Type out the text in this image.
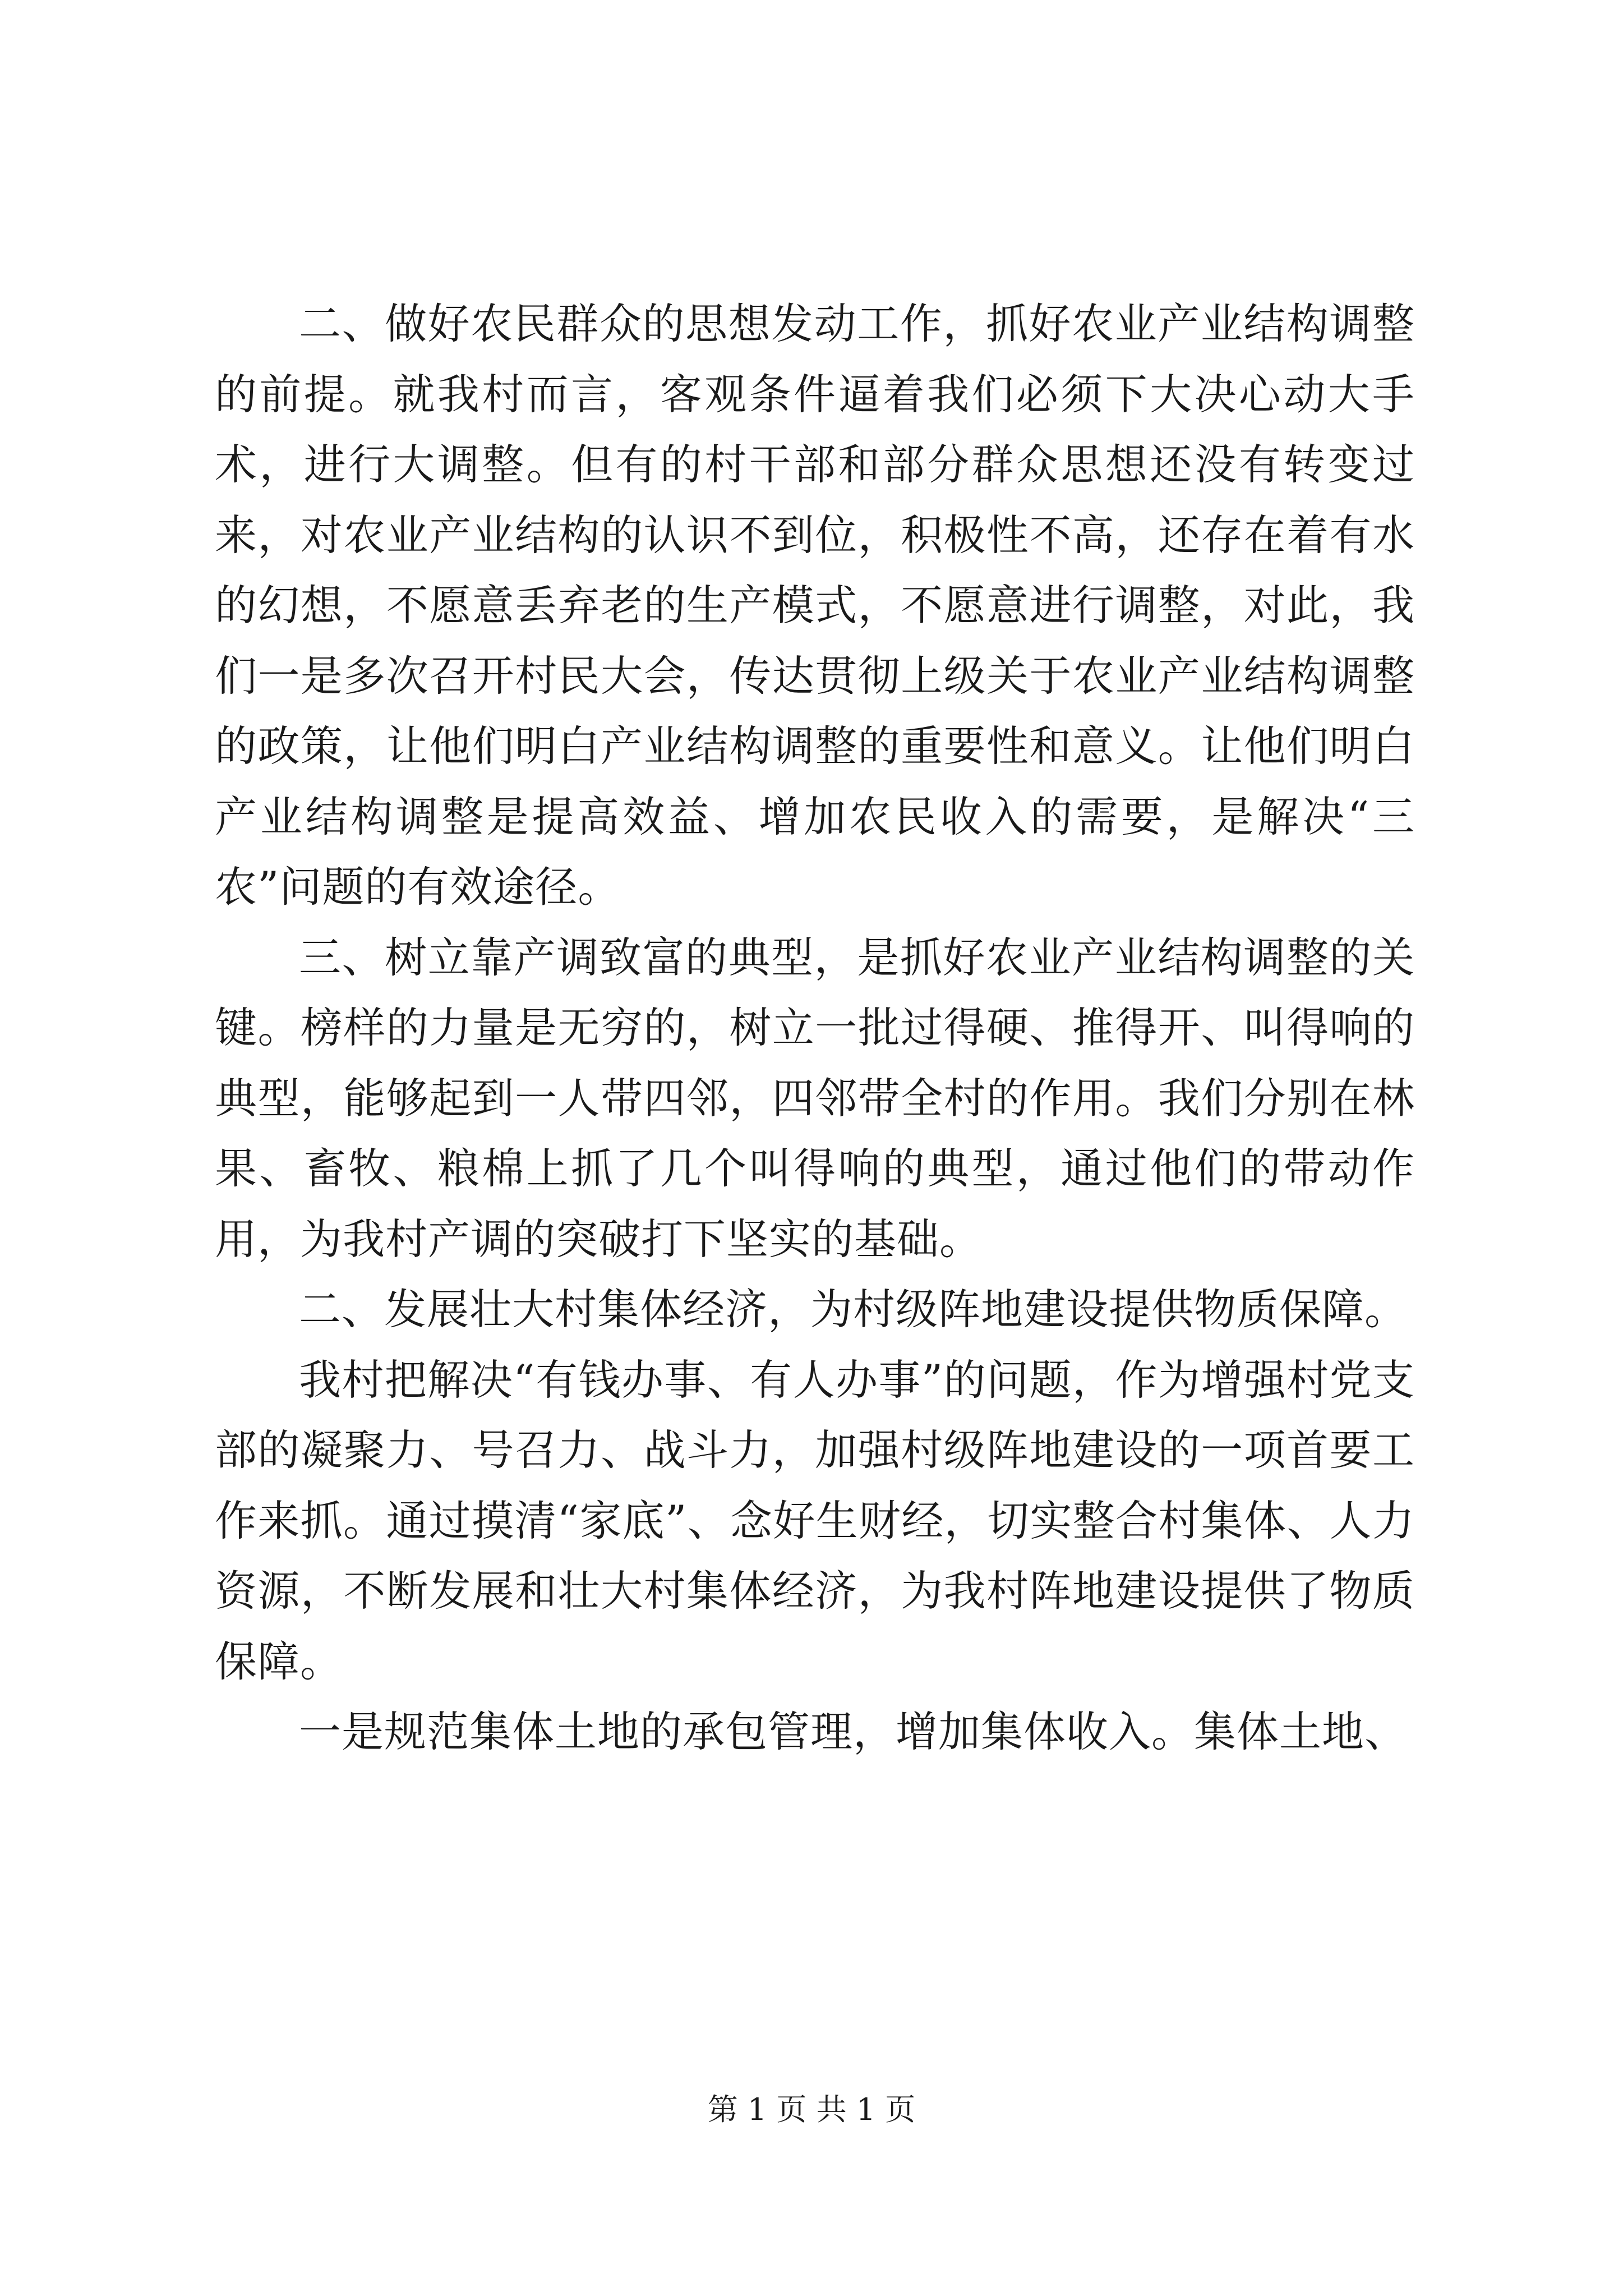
二、做好农民群众的思想发动工作，抓好农业产业结构调整的前提。就我村而言，客观条件逼着我们必须下大决心动大手术，进行大调整。但有的村干部和部分群众思想还没有转变过来，对农业产业结构的认识不到位，积极性不高，还存在着有水的幻想，不愿意丢弃老的生产模式，不愿意进行调整，对此，我们一是多次召开村民大会，传达贯彻上级关于农业产业结构调整的政策，让他们明白产业结构调整的重要性和意义。让他们明白产业结构调整是提高效益、增加农民收入的需要，是解决“三农”问题的有效途径。

三、树立靠产调致富的典型，是抓好农业产业结构调整的关键。榜样的力量是无穷的，树立一批过得硬、推得开、叫得响的典型，能够起到一人带四邻，四邻带全村的作用。我们分别在林果、畜牧、粮棉上抓了几个叫得响的典型，通过他们的带动作用，为我村产调的突破打下坚实的基础。

二、发展壮大村集体经济，为村级阵地建设提供物质保障。

我村把解决“有钱办事、有人办事”的问题，作为增强村党支部的凝聚力、号召力、战斗力，加强村级阵地建设的一项首要工作来抓。通过摸清“家底”、念好生财经，切实整合村集体、人力资源，不断发展和壮大村集体经济，为我村阵地建设提供了物质保障。

一是规范集体土地的承包管理，增加集体收入。集体土地、

第 1 页 共 1 页
